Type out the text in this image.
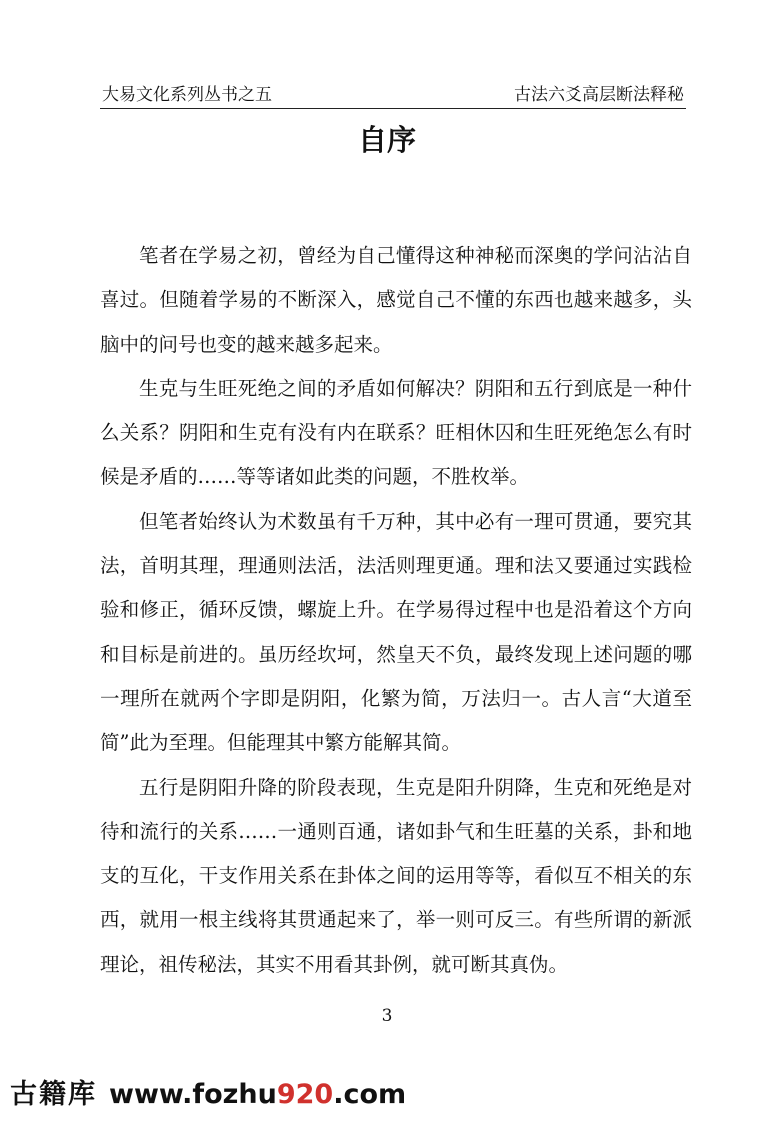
大易文化系列丛书之五	古法六爻高层断法释秘
自序

笔者在学易之初，曾经为自己懂得这种神秘而深奥的学问沾沾自喜过。但随着学易的不断深入，感觉自己不懂的东西也越来越多，头脑中的问号也变的越来越多起来。

生克与生旺死绝之间的矛盾如何解决？阴阳和五行到底是一种什么关系？阴阳和生克有没有内在联系？旺相休囚和生旺死绝怎么有时候是矛盾的……等等诸如此类的问题，不胜枚举。

但笔者始终认为术数虽有千万种，其中必有一理可贯通，要究其法，首明其理，理通则法活，法活则理更通。理和法又要通过实践检验和修正，循环反馈，螺旋上升。在学易得过程中也是沿着这个方向和目标是前进的。虽历经坎坷，然皇天不负，最终发现上述问题的哪一理所在就两个字即是阴阳，化繁为简，万法归一。古人言“大道至简”此为至理。但能理其中繁方能解其简。

五行是阴阳升降的阶段表现，生克是阳升阴降，生克和死绝是对待和流行的关系……一通则百通，诸如卦气和生旺墓的关系，卦和地支的互化，干支作用关系在卦体之间的运用等等，看似互不相关的东西，就用一根主线将其贯通起来了，举一则可反三。有些所谓的新派理论，祖传秘法，其实不用看其卦例，就可断其真伪。

3
古籍库 www.fozhu920.com
